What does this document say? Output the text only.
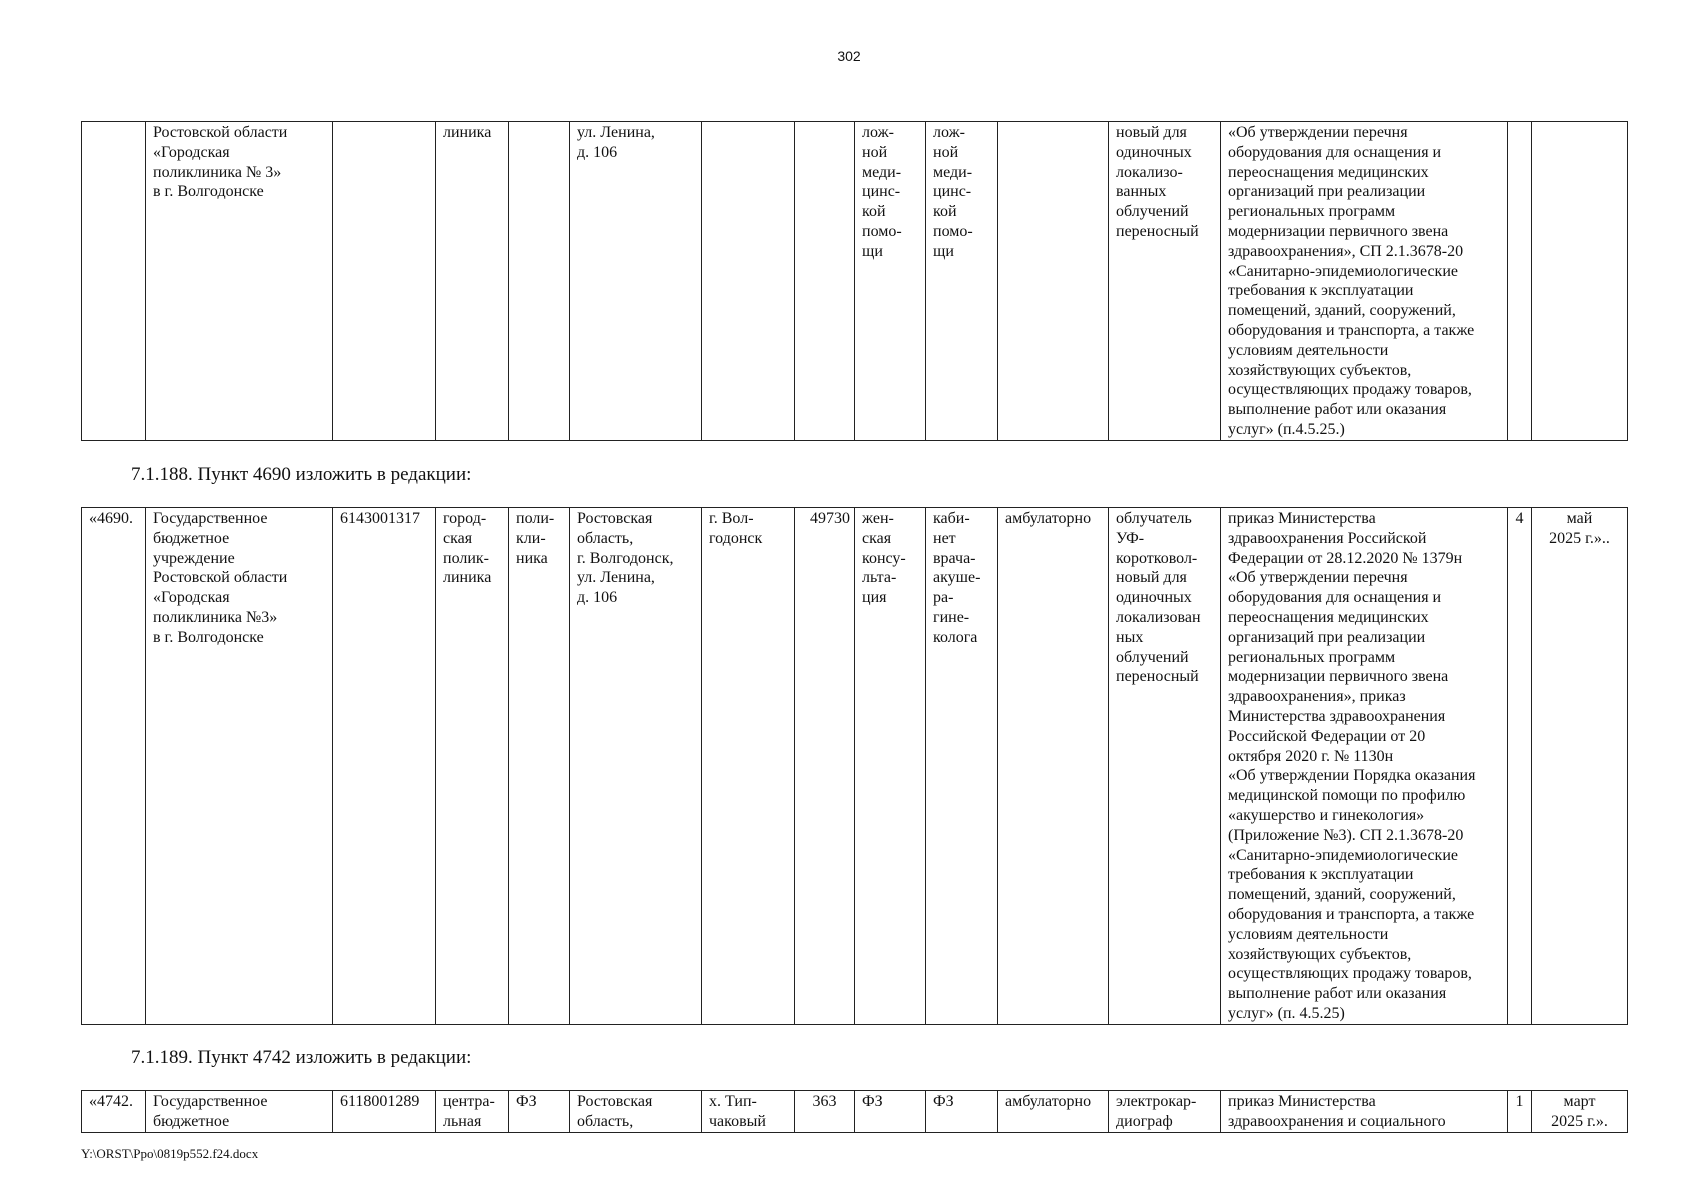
302
	Ростовской области
«Городская
поликлиника № 3»
в г. Волгодонске		линика		ул. Ленина,
д. 106			лож-
ной
меди-
цинс-
кой
помо-
щи	лож-
ной
меди-
цинс-
кой
помо-
щи		новый для
одиночных
локализо-
ванных
облучений
переносный	«Об утверждении перечня
оборудования для оснащения и
переоснащения медицинских
организаций при реализации
региональных программ
модернизации первичного звена
здравоохранения», СП 2.1.3678-20
«Санитарно-эпидемиологические
требования к эксплуатации
помещений, зданий, сооружений,
оборудования и транспорта, а также
условиям деятельности
хозяйствующих субъектов,
осуществляющих продажу товаров,
выполнение работ или оказания
услуг» (п.4.5.25.)		
7.1.188. Пункт 4690 изложить в редакции:
«4690.	Государственное
бюджетное
учреждение
Ростовской области
«Городская
поликлиника №3»
в г. Волгодонске	6143001317	город-
ская
полик-
линика	поли-
кли-
ника	Ростовская
область,
г. Волгодонск,
ул. Ленина,
д. 106	г. Вол-
годонск	49730	жен-
ская
консу-
льта-
ция	каби-
нет
врача-
акуше-
ра-
гине-
колога	амбулаторно	облучатель
УФ-
коротковол-
новый для
одиночных
локализован
ных
облучений
переносный	приказ Министерства
здравоохранения Российской
Федерации от 28.12.2020 № 1379н
«Об утверждении перечня
оборудования для оснащения и
переоснащения медицинских
организаций при реализации
региональных программ
модернизации первичного звена
здравоохранения», приказ
Министерства здравоохранения
Российской Федерации от 20
октября 2020 г. № 1130н
«Об утверждении Порядка оказания
медицинской помощи по профилю
«акушерство и гинекология»
(Приложение №3). СП 2.1.3678-20
«Санитарно-эпидемиологические
требования к эксплуатации
помещений, зданий, сооружений,
оборудования и транспорта, а также
условиям деятельности
хозяйствующих субъектов,
осуществляющих продажу товаров,
выполнение работ или оказания
услуг» (п. 4.5.25)	4	май
2025 г.»..
7.1.189. Пункт 4742 изложить в редакции:
«4742.	Государственное
бюджетное	6118001289	центра-
льная	ФЗ	Ростовская
область,	х. Тип-
чаковый	363	ФЗ	ФЗ	амбулаторно	электрокар-
диограф	приказ Министерства
здравоохранения и социального	1	март
2025 г.».
Y:\ORST\Ppo\0819p552.f24.docx
